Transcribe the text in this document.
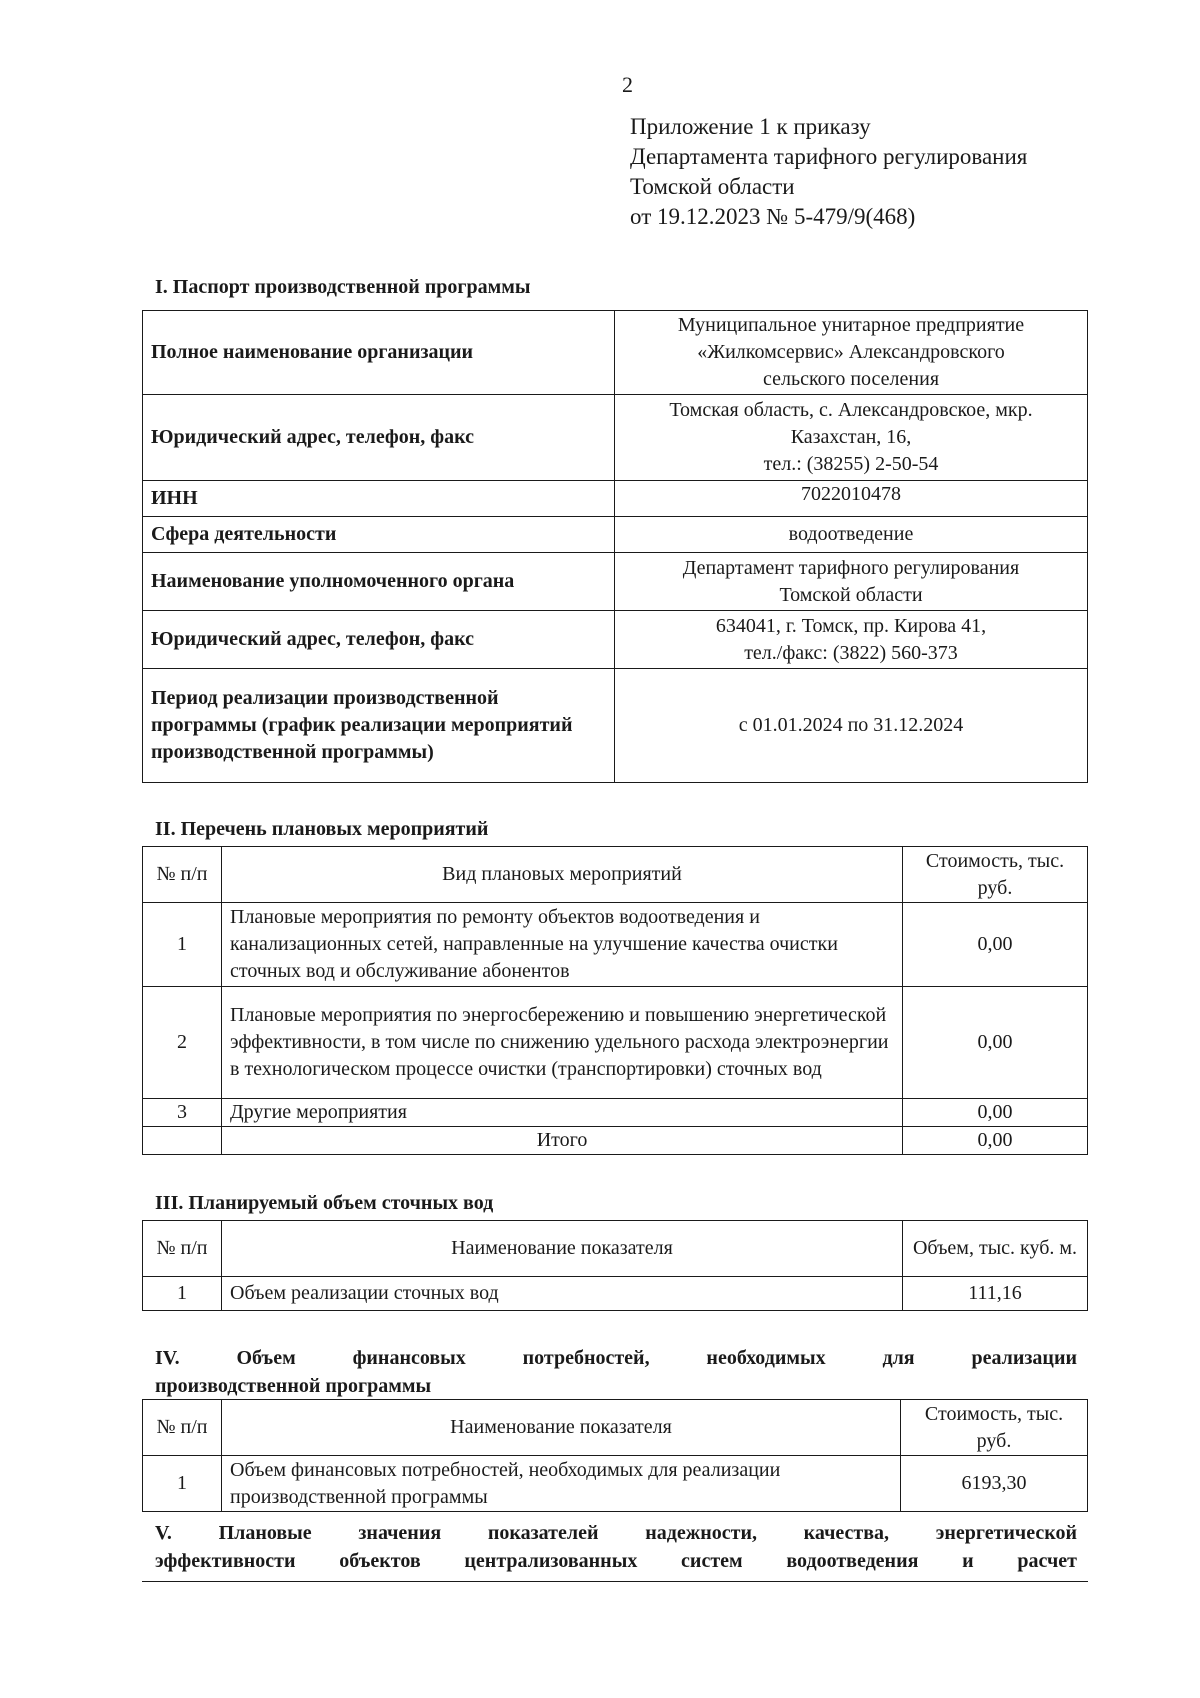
2
Приложение 1 к приказу
Департамента тарифного регулирования
Томской области
от 19.12.2023 № 5-479/9(468)
I. Паспорт производственной программы
Полное наименование организации	Муниципальное унитарное предприятие
«Жилкомсервис» Александровского
сельского поселения

Юридический адрес, телефон, факс	Томская область, с. Александровское, мкр.
Казахстан, 16,
тел.: (38255) 2-50-54

ИНН	7022010478
Сфера деятельности	водоотведение
Наименование уполномоченного органа	Департамент тарифного регулирования
Томской области

Юридический адрес, телефон, факс	634041, г. Томск, пр. Кирова 41,
тел./факс: (3822) 560-373

Период реализации производственной программы (график реализации мероприятий производственной программы)	с 01.01.2024 по 31.12.2024
II. Перечень плановых мероприятий
№ п/п	Вид плановых мероприятий	Стоимость, тыс. руб.
1	Плановые мероприятия по ремонту объектов водоотведения и канализационных сетей, направленные на улучшение качества очистки сточных вод и обслуживание абонентов	0,00
2	Плановые мероприятия по энергосбережению и повышению энергетической эффективности, в том числе по снижению удельного расхода электроэнергии в технологическом процессе очистки (транспортировки) сточных вод	0,00
3	Другие мероприятия	0,00
	Итого	0,00
III. Планируемый объем сточных вод
№ п/п	Наименование показателя	Объем, тыс. куб. м.
1	Объем реализации сточных вод	111,16
IV. Объем финансовых потребностей, необходимых для реализации
производственной программы
№ п/п	Наименование показателя	Стоимость, тыс. руб.
1	Объем финансовых потребностей, необходимых для реализации производственной программы	6193,30
V. Плановые значения показателей надежности, качества, энергетической
эффективности объектов централизованных систем водоотведения и расчет
